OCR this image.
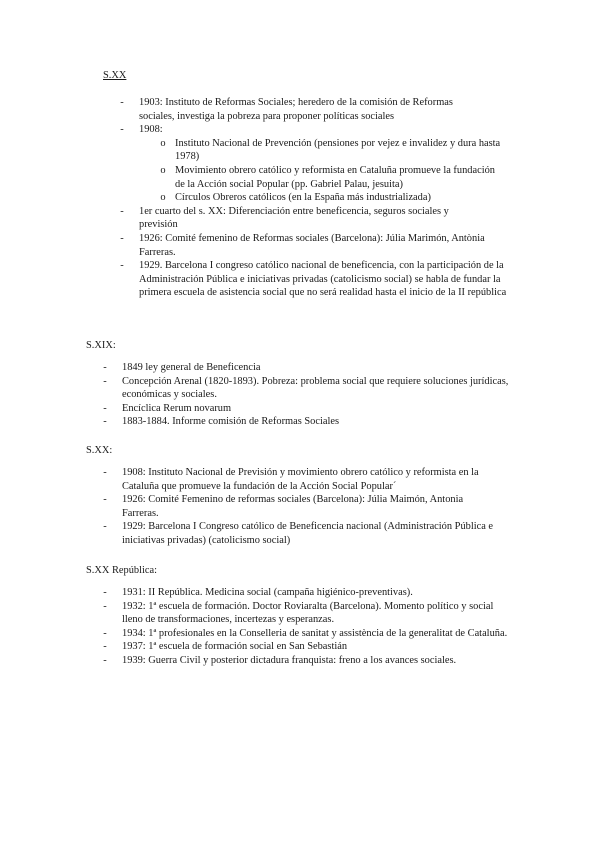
S.XX
-	1903: Instituto de Reformas Sociales; heredero de la comisión de Reformas sociales, investiga la pobreza para proponer políticas sociales
-	1908:
o Instituto Nacional de Prevención (pensiones por vejez e invalidez y dura hasta 1978)
o Movimiento obrero católico y reformista en Cataluña promueve la fundación de la Acción social Popular (pp. Gabriel Palau, jesuita)
o Círculos Obreros católicos (en la España más industrializada)
-	1er cuarto del s. XX: Diferenciación entre beneficencia, seguros sociales y previsión
-	1926: Comité femenino de Reformas sociales (Barcelona): Júlia Marimón, Antònia Farreras.
-	1929. Barcelona I congreso católico nacional de beneficencia, con la participación de la Administración Pública e iniciativas privadas (catolicismo social) se habla de fundar la primera escuela de asistencia social que no será realidad hasta el inicio de la II república
S.XIX:
-	1849 ley general de Beneficencia
-	Concepción Arenal (1820-1893). Pobreza: problema social que requiere soluciones jurídicas, económicas y sociales.
-	Encíclica Rerum novarum
-	1883-1884. Informe comisión de Reformas Sociales
S.XX:
-	1908: Instituto Nacional de Previsión y movimiento obrero católico y reformista en la Cataluña que promueve la fundación de la Acción Social Popular´
-	1926: Comité Femenino de reformas sociales (Barcelona): Júlia Maimón, Antonia Farreras.
-	1929: Barcelona I Congreso católico de Beneficencia nacional (Administración Pública e iniciativas privadas) (catolicismo social)
S.XX República:
-	1931: II República. Medicina social (campaña higiénico-preventivas).
-	1932: 1ª escuela de formación. Doctor Roviaralta (Barcelona). Momento político y social lleno de transformaciones, incertezas y esperanzas.
-	1934: 1ª profesionales en la Conselleria de sanitat y assistència de la generalitat de Cataluña.
-	1937: 1ª escuela de formación social en San Sebastián
-	1939: Guerra Civil y posterior dictadura franquista: freno a los avances sociales.
